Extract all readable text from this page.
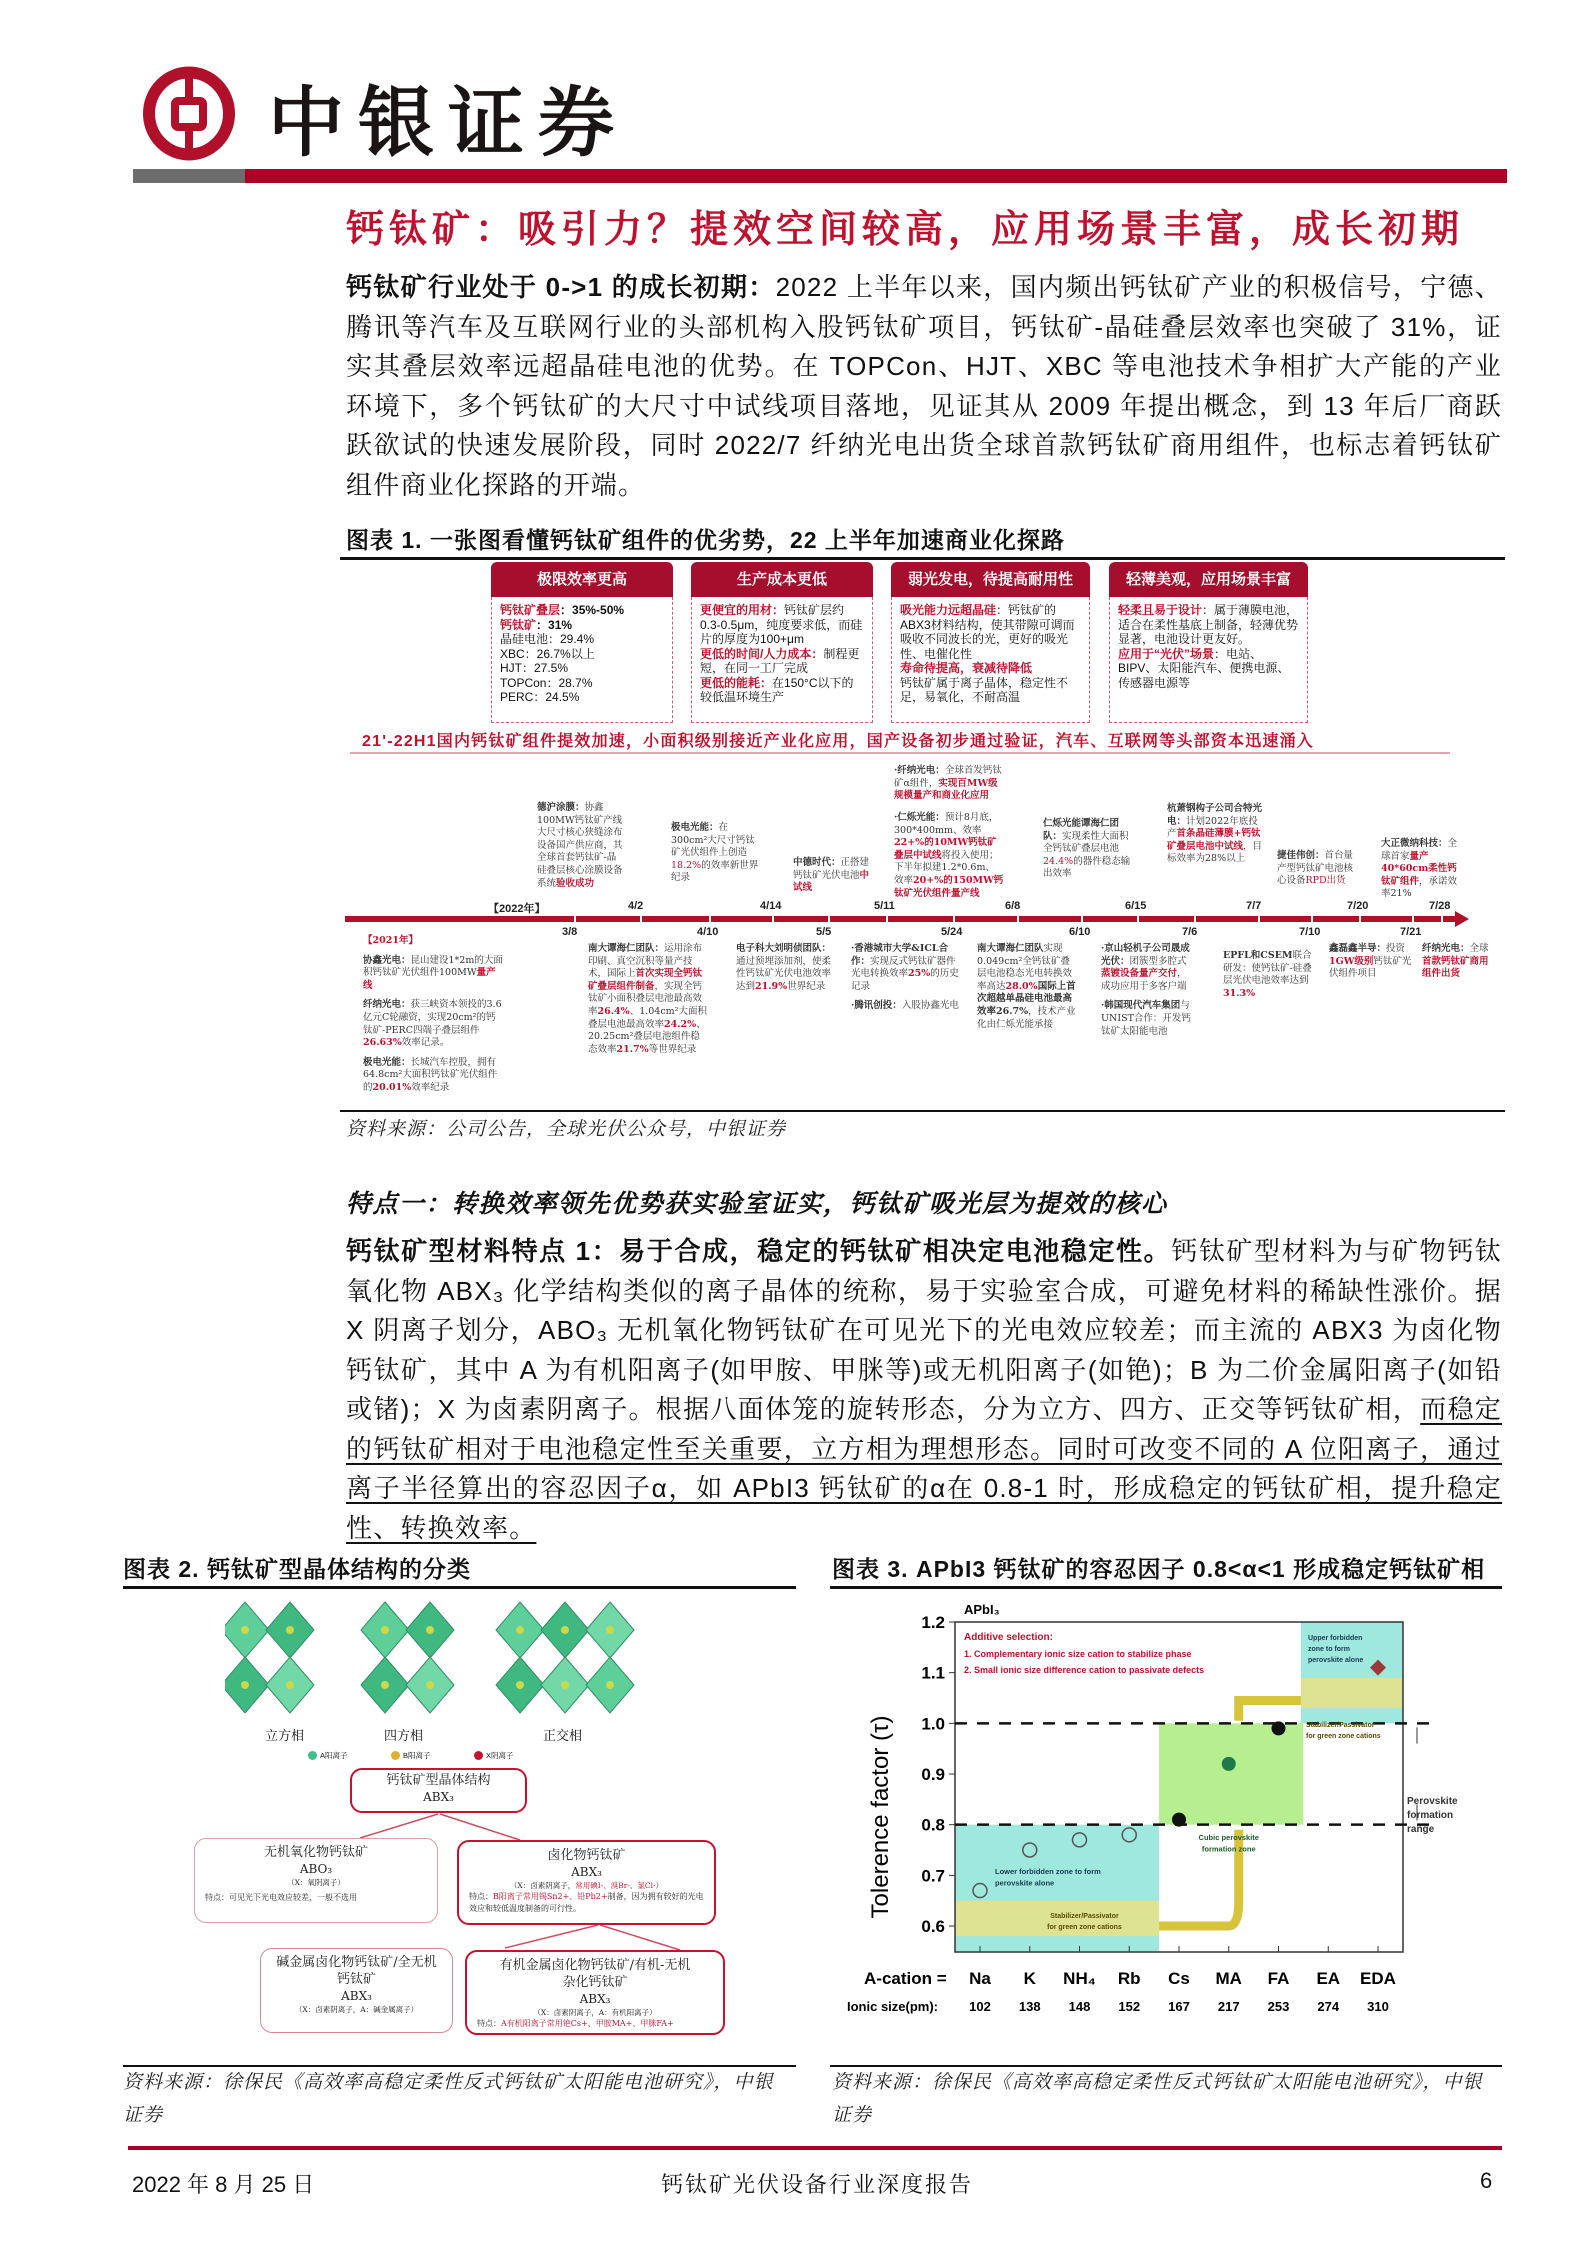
中银证券
钙钛矿：吸引力？提效空间较高，应用场景丰富，成长初期
钙钛矿行业处于 0->1 的成长初期：2022 上半年以来，国内频出钙钛矿产业的积极信号，宁德、腾讯等汽车及互联网行业的头部机构入股钙钛矿项目，钙钛矿-晶硅叠层效率也突破了 31%，证实其叠层效率远超晶硅电池的优势。在 TOPCon、HJT、XBC 等电池技术争相扩大产能的产业环境下，多个钙钛矿的大尺寸中试线项目落地，见证其从 2009 年提出概念，到 13 年后厂商跃跃欲试的快速发展阶段，同时 2022/7 纤纳光电出货全球首款钙钛矿商用组件，也标志着钙钛矿组件商业化探路的开端。
图表 1. 一张图看懂钙钛矿组件的优劣势，22 上半年加速商业化探路
极限效率更高
钙钛矿叠层：35%-50%
钙钛矿：31%
晶硅电池：29.4%
XBC：26.7%以上
HJT：27.5%
TOPCon：28.7%
PERC：24.5%
生产成本更低
更便宜的用材：钙钛矿层约0.3-0.5μm，纯度要求低，而硅片的厚度为100+μm
更低的时间/人力成本：制程更短，在同一工厂完成
更低的能耗：在150°C以下的较低温环境生产
弱光发电，待提高耐用性
吸光能力远超晶硅：钙钛矿的ABX3材料结构，使其带隙可调而吸收不同波长的光，更好的吸光性、电催化性
寿命待提高，衰减待降低
钙钛矿属于离子晶体，稳定性不足，易氧化，不耐高温
轻薄美观，应用场景丰富
轻柔且易于设计：属于薄膜电池，适合在柔性基底上制备，轻薄优势显著，电池设计更友好。
应用于“光伏”场景：电站、BIPV、太阳能汽车、便携电源、传感器电源等
21'-22H1国内钙钛矿组件提效加速，小面积级别接近产业化应用，国产设备初步通过验证，汽车、互联网等头部资本迅速涌入
【2022年】	4/2	4/14	5/11	6/8	6/15	7/7	7/20	7/28
3/8	4/10	5/5	5/24	6/10	7/6	7/10	7/21

德沪涂膜：协鑫100MW钙钛矿产线大尺寸核心狭缝涂布设备国产供应商，其全球首套钙钛矿-晶硅叠层核心涂膜设备系统验收成功

极电光能：在300cm²大尺寸钙钛矿光伏组件上创造18.2%的效率新世界纪录

中德时代：正搭建钙钛矿光伏电池中试线

·纤纳光电：全球首发钙钛矿α组件，实现百MW级规模量产和商业化应用

·仁烁光能：预计8月底，300*400mm、效率22+%的10MW钙钛矿叠层中试线将投入使用；下半年拟建1.2*0.6m、效率20+%的150MW钙钛矿光伏组件量产线

仁烁光能谭海仁团队：实现柔性大面积全钙钛矿叠层电池24.4%的器件稳态输出效率

杭萧钢构子公司合特光电：计划2022年底投产首条晶硅薄膜+钙钛矿叠层电池中试线，目标效率为28%以上	捷佳伟创：首台量产型钙钛矿电池核心设备RPD出货

大正微纳科技：全球首家量产40*60cm柔性钙钛矿组件，承诺效率21%

【2021年】

协鑫光电：昆山建设1*2m的大面积钙钛矿光伏组件100MW量产线

纤纳光电：获三峡资本领投的3.6亿元C轮融资，实现20cm²的钙钛矿-PERC四端子叠层组件26.63%效率记录。

极电光能：长城汽车控股，拥有64.8cm²大面积钙钛矿光伏组件的20.01%效率纪录

南大谭海仁团队：运用涂布印刷、真空沉积等量产技术，国际上首次实现全钙钛矿叠层组件制备，实现全钙钛矿小面积叠层电池最高效率26.4%、1.04cm²大面积叠层电池最高效率24.2%、20.25cm²叠层电池组件稳态效率21.7%等世界纪录

电子科大刘明侦团队：通过预埋添加剂，使柔性钙钛矿光伏电池效率达到21.9%世界纪录

·香港城市大学&ICL合作：实现反式钙钛矿器件光电转换效率25%的历史记录

·腾讯创投：入股协鑫光电

南大谭海仁团队实现0.049cm²全钙钛矿叠层电池稳态光电转换效率高达28.0%国际上首次超越单晶硅电池最高效率26.7%，技术产业化由仁烁光能承接

·京山轻机子公司晟成光伏：团簇型多腔式蒸镀设备量产交付，成功应用于多客户端

·韩国现代汽车集团与UNIST合作：开发钙钛矿太阳能电池

EPFL和CSEM联合研发：使钙钛矿-硅叠层光伏电池效率达到31.3%

鑫磊鑫半导：投资1GW级别钙钛矿光伏组件项目

纤纳光电：全球首款钙钛矿商用组件出货

资料来源：公司公告，全球光伏公众号，中银证券
特点一：转换效率领先优势获实验室证实，钙钛矿吸光层为提效的核心
钙钛矿型材料特点 1：易于合成，稳定的钙钛矿相决定电池稳定性。钙钛矿型材料为与矿物钙钛氧化物 ABX₃ 化学结构类似的离子晶体的统称，易于实验室合成，可避免材料的稀缺性涨价。据 X 阴离子划分，ABO₃ 无机氧化物钙钛矿在可见光下的光电效应较差；而主流的 ABX3 为卤化物钙钛矿，其中 A 为有机阳离子(如甲胺、甲脒等)或无机阳离子(如铯)；B 为二价金属阳离子(如铅或锗)；X 为卤素阴离子。根据八面体笼的旋转形态，分为立方、四方、正交等钙钛矿相，而稳定的钙钛矿相对于电池稳定性至关重要，立方相为理想形态。同时可改变不同的 A 位阳离子，通过离子半径算出的容忍因子α，如 APbI3 钙钛矿的α在 0.8-1 时，形成稳定的钙钛矿相，提升稳定性、转换效率。
图表 2. 钙钛矿型晶体结构的分类
立方相	四方相	正交相
A阳离子	B阳离子	X阴离子
钙钛矿型晶体结构
ABX₃
无机氧化物钙钛矿
ABO₃
（X：氧阴离子）
特点：可见光下光电效应较差，一般不选用
卤化物钙钛矿
ABX₃
（X：卤素阴离子，常用碘I-、溴Br-、氯Cl-）
特点：B阳离子常用锡Sn2+、铅Pb2+制备，因为拥有较好的光电效应和较低温度制备的可行性。
碱金属卤化物钙钛矿/全无机钙钛矿
ABX₃
（X：卤素阴离子，A：碱金属离子）
有机金属卤化物钙钛矿/有机-无机杂化钙钛矿
ABX₃
（X：卤素阴离子，A：有机阳离子）
特点：A有机阳离子常用铯Cs+、甲胺MA+、甲脒FA+
图表 3. APbI3 钙钛矿的容忍因子 0.8<α<1 形成稳定钙钛矿相
1.2
1.1
1.0
0.9
0.8
0.7
0.6
Tolerence factor (τ)
APbI₃
Na
102
K
138
NH₄
148
Rb
152
Cs
167
MA
217
FA
253
EA
274
EDA
310
A-cation =
Ionic size(pm):
Additive selection:
1. Complementary ionic size cation to stabilize phase
2. Small ionic size difference cation to passivate defects
Upper forbidden
zone to form
perovskite alone
Stabilizer/Passivator
for green zone cations
Cubic perovskite
formation zone
Lower forbidden zone to form
perovskite alone
Stabilizer/Passivator
for green zone cations
Perovskite
formation
range
资料来源：徐保民《高效率高稳定柔性反式钙钛矿太阳能电池研究》，中银证券
资料来源：徐保民《高效率高稳定柔性反式钙钛矿太阳能电池研究》，中银证券
2022 年 8 月 25 日	钙钛矿光伏设备行业深度报告	6
